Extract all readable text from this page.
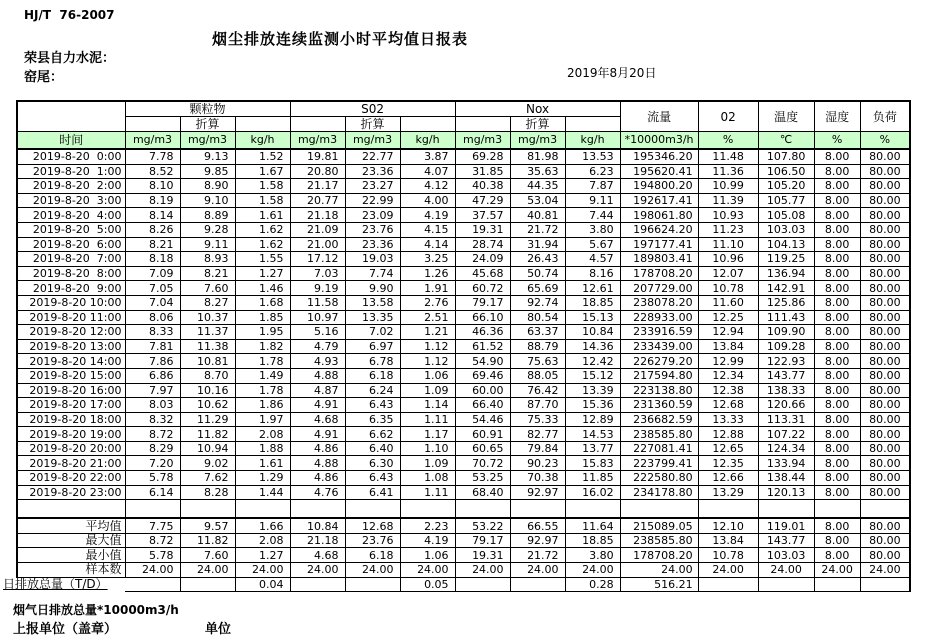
HJ/T  76-2007
烟尘排放连续监测小时平均值日报表
荣县自力水泥：
窑尾：	2019年8月20日
	颗粒物			S02			Nox			流量	02	温度	湿度	负荷
		折算			折算			折算						
时间	mg/m3	mg/m3	kg/h	mg/m3	mg/m3	kg/h	mg/m3	mg/m3	kg/h	*10000m3/h	%	℃	%	%
2019-8-20  0:00	7.78	9.13	1.52	19.81	22.77	3.87	69.28	81.98	13.53	195346.20	11.48	107.80	8.00	80.00
2019-8-20  1:00	8.52	9.85	1.67	20.80	23.36	4.07	31.85	35.63	6.23	195620.41	11.36	106.50	8.00	80.00
2019-8-20  2:00	8.10	8.90	1.58	21.17	23.27	4.12	40.38	44.35	7.87	194800.20	10.99	105.20	8.00	80.00
2019-8-20  3:00	8.19	9.10	1.58	20.77	22.99	4.00	47.29	53.04	9.11	192617.41	11.39	105.77	8.00	80.00
2019-8-20  4:00	8.14	8.89	1.61	21.18	23.09	4.19	37.57	40.81	7.44	198061.80	10.93	105.08	8.00	80.00
2019-8-20  5:00	8.26	9.28	1.62	21.09	23.76	4.15	19.31	21.72	3.80	196624.20	11.23	103.03	8.00	80.00
2019-8-20  6:00	8.21	9.11	1.62	21.00	23.36	4.14	28.74	31.94	5.67	197177.41	11.10	104.13	8.00	80.00
2019-8-20  7:00	8.18	8.93	1.55	17.12	19.03	3.25	24.09	26.43	4.57	189803.41	10.96	119.25	8.00	80.00
2019-8-20  8:00	7.09	8.21	1.27	7.03	7.74	1.26	45.68	50.74	8.16	178708.20	12.07	136.94	8.00	80.00
2019-8-20  9:00	7.05	7.60	1.46	9.19	9.90	1.91	60.72	65.69	12.61	207729.00	10.78	142.91	8.00	80.00
2019-8-20 10:00	7.04	8.27	1.68	11.58	13.58	2.76	79.17	92.74	18.85	238078.20	11.60	125.86	8.00	80.00
2019-8-20 11:00	8.06	10.37	1.85	10.97	13.35	2.51	66.10	80.54	15.13	228933.00	12.25	111.43	8.00	80.00
2019-8-20 12:00	8.33	11.37	1.95	5.16	7.02	1.21	46.36	63.37	10.84	233916.59	12.94	109.90	8.00	80.00
2019-8-20 13:00	7.81	11.38	1.82	4.79	6.97	1.12	61.52	88.79	14.36	233439.00	13.84	109.28	8.00	80.00
2019-8-20 14:00	7.86	10.81	1.78	4.93	6.78	1.12	54.90	75.63	12.42	226279.20	12.99	122.93	8.00	80.00
2019-8-20 15:00	6.86	8.70	1.49	4.88	6.18	1.06	69.46	88.05	15.12	217594.80	12.34	143.77	8.00	80.00
2019-8-20 16:00	7.97	10.16	1.78	4.87	6.24	1.09	60.00	76.42	13.39	223138.80	12.38	138.33	8.00	80.00
2019-8-20 17:00	8.03	10.62	1.86	4.91	6.43	1.14	66.40	87.70	15.36	231360.59	12.68	120.66	8.00	80.00
2019-8-20 18:00	8.32	11.29	1.97	4.68	6.35	1.11	54.46	75.33	12.89	236682.59	13.33	113.31	8.00	80.00
2019-8-20 19:00	8.72	11.82	2.08	4.91	6.62	1.17	60.91	82.77	14.53	238585.80	12.88	107.22	8.00	80.00
2019-8-20 20:00	8.29	10.94	1.88	4.86	6.40	1.10	60.65	79.84	13.77	227081.41	12.65	124.34	8.00	80.00
2019-8-20 21:00	7.20	9.02	1.61	4.88	6.30	1.09	70.72	90.23	15.83	223799.41	12.35	133.94	8.00	80.00
2019-8-20 22:00	5.78	7.62	1.29	4.86	6.43	1.08	53.25	70.38	11.85	222580.80	12.66	138.44	8.00	80.00
2019-8-20 23:00	6.14	8.28	1.44	4.76	6.41	1.11	68.40	92.97	16.02	234178.80	13.29	120.13	8.00	80.00

平均值	7.75	9.57	1.66	10.84	12.68	2.23	53.22	66.55	11.64	215089.05	12.10	119.01	8.00	80.00
最大值	8.72	11.82	2.08	21.18	23.76	4.19	79.17	92.97	18.85	238585.80	13.84	143.77	8.00	80.00
最小值	5.78	7.60	1.27	4.68	6.18	1.06	19.31	21.72	3.80	178708.20	10.78	103.03	8.00	80.00
样本数	24.00	24.00	24.00	24.00	24.00	24.00	24.00	24.00	24.00	24.00	24.00	24.00	24.00	24.00

日排放总量（T/D）			0.04			0.05			0.28	516.21				
烟气日排放总量*10000m3/h
上报单位（盖章）	单位
